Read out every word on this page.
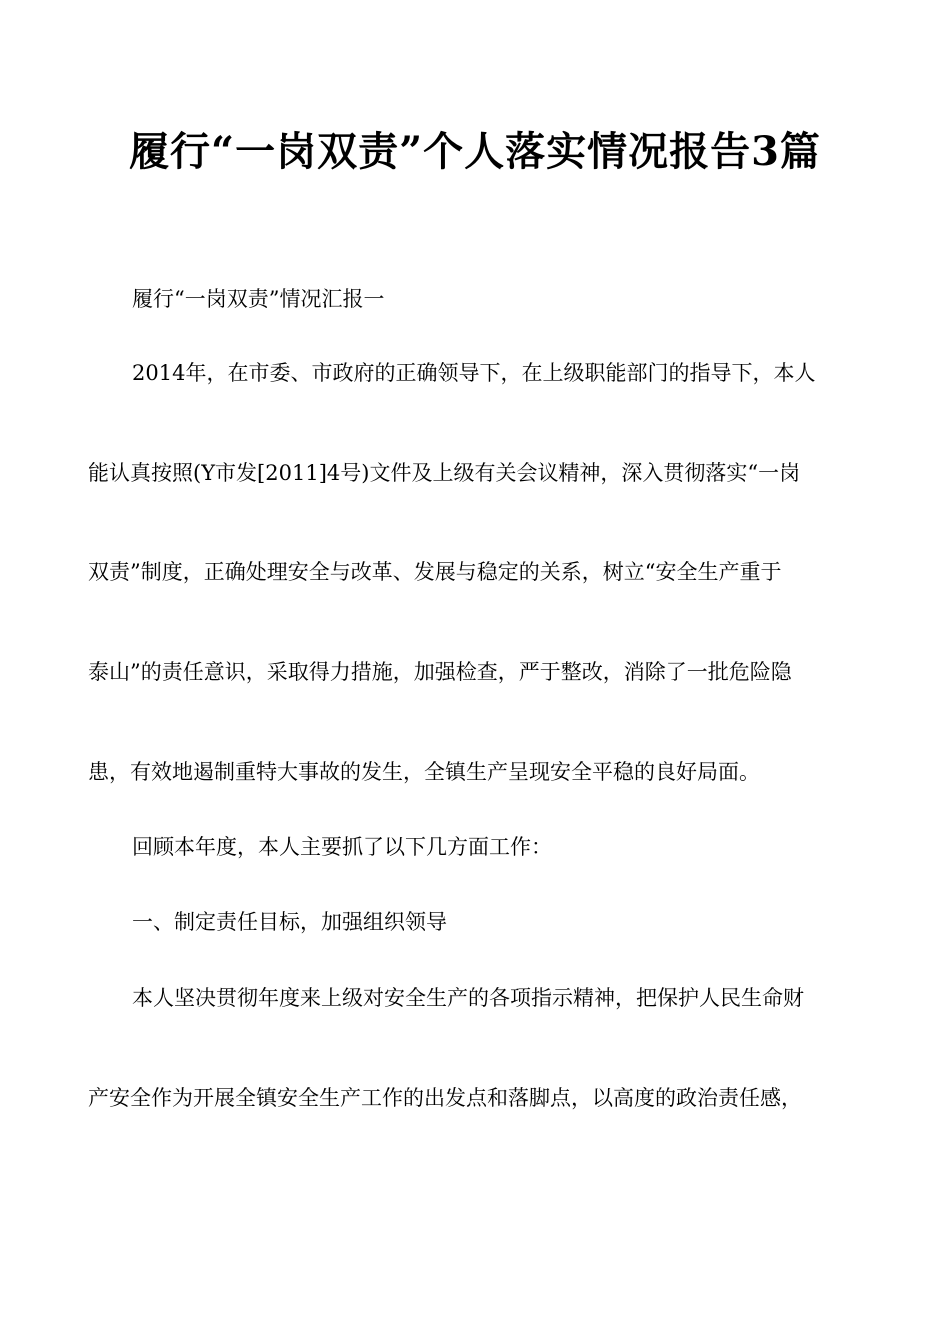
履行“一岗双责”个人落实情况报告3篇
履行“一岗双责”情况汇报一
2014年，在市委、市政府的正确领导下，在上级职能部门的指导下，本人
能认真按照(Y市发[2011]4号)文件及上级有关会议精神，深入贯彻落实“一岗
双责”制度，正确处理安全与改革、发展与稳定的关系，树立“安全生产重于
泰山”的责任意识，采取得力措施，加强检查，严于整改，消除了一批危险隐
患，有效地遏制重特大事故的发生，全镇生产呈现安全平稳的良好局面。
回顾本年度，本人主要抓了以下几方面工作：
一、制定责任目标，加强组织领导
本人坚决贯彻年度来上级对安全生产的各项指示精神，把保护人民生命财
产安全作为开展全镇安全生产工作的出发点和落脚点，以高度的政治责任感，
